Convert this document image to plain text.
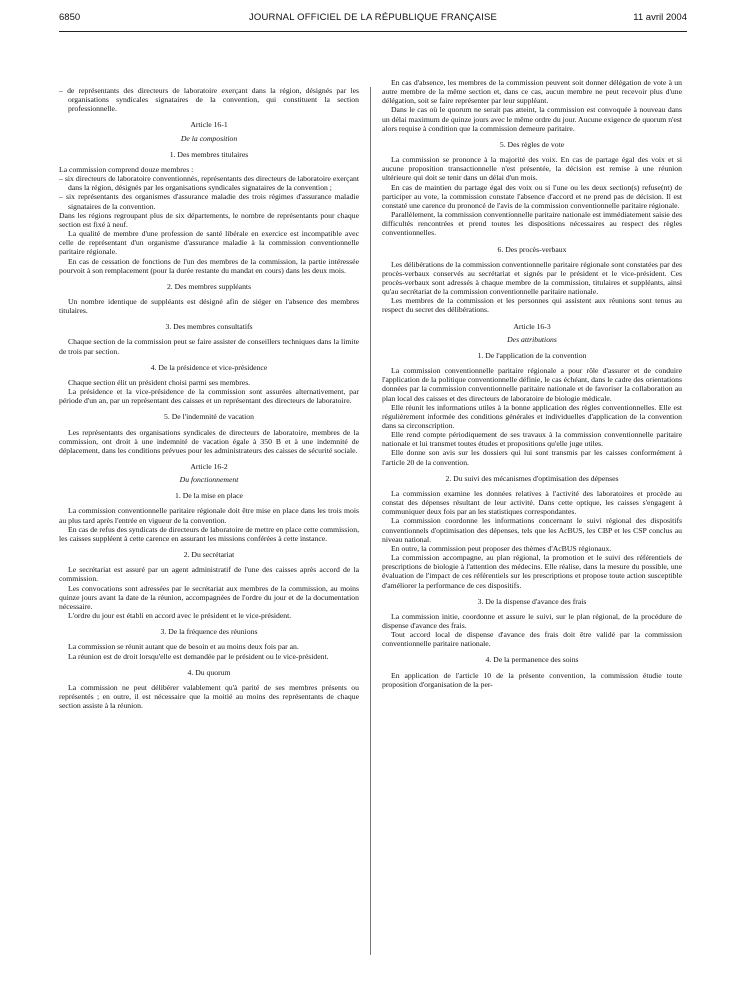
6850	JOURNAL OFFICIEL DE LA RÉPUBLIQUE FRANÇAISE	11 avril 2004

– de représentants des directeurs de laboratoire exerçant dans la région, désignés par les organisations syndicales signataires de la convention, qui constituent la section professionnelle.

Article 16-1
De la composition
1. Des membres titulaires

La commission comprend douze membres :

– six directeurs de laboratoire conventionnés, représentants des directeurs de laboratoire exerçant dans la région, désignés par les organisations syndicales signataires de la convention ;

– six représentants des organismes d'assurance maladie des trois régimes d'assurance maladie signataires de la convention.

Dans les régions regroupant plus de six départements, le nombre de représentants pour chaque section est fixé à neuf.

La qualité de membre d'une profession de santé libérale en exercice est incompatible avec celle de représentant d'un organisme d'assurance maladie à la commission conventionnelle paritaire régionale.

En cas de cessation de fonctions de l'un des membres de la commission, la partie intéressée pourvoit à son remplacement (pour la durée restante du mandat en cours) dans les deux mois.

2. Des membres suppléants

Un nombre identique de suppléants est désigné afin de siéger en l'absence des membres titulaires.

3. Des membres consultatifs

Chaque section de la commission peut se faire assister de conseillers techniques dans la limite de trois par section.

4. De la présidence et vice-présidence

Chaque section élit un président choisi parmi ses membres.

La présidence et la vice-présidence de la commission sont assurées alternativement, par période d'un an, par un représentant des caisses et un représentant des directeurs de laboratoire.

5. De l'indemnité de vacation

Les représentants des organisations syndicales de directeurs de laboratoire, membres de la commission, ont droit à une indemnité de vacation égale à 350 B et à une indemnité de déplacement, dans les conditions prévues pour les administrateurs des caisses de sécurité sociale.

Article 16-2
Du fonctionnement
1. De la mise en place

La commission conventionnelle paritaire régionale doit être mise en place dans les trois mois au plus tard après l'entrée en vigueur de la convention.

En cas de refus des syndicats de directeurs de laboratoire de mettre en place cette commission, les caisses suppléent à cette carence en assurant les missions conférées à cette instance.

2. Du secrétariat

Le secrétariat est assuré par un agent administratif de l'une des caisses après accord de la commission.

Les convocations sont adressées par le secrétariat aux membres de la commission, au moins quinze jours avant la date de la réunion, accompagnées de l'ordre du jour et de la documentation nécessaire.

L'ordre du jour est établi en accord avec le président et le vice-président.

3. De la fréquence des réunions

La commission se réunit autant que de besoin et au moins deux fois par an.

La réunion est de droit lorsqu'elle est demandée par le président ou le vice-président.

4. Du quorum

La commission ne peut délibérer valablement qu'à parité de ses membres présents ou représentés ; en outre, il est nécessaire que la moitié au moins des représentants de chaque section assiste à la réunion.

En cas d'absence, les membres de la commission peuvent soit donner délégation de vote à un autre membre de la même section et, dans ce cas, aucun membre ne peut recevoir plus d'une délégation, soit se faire représenter par leur suppléant.

Dans le cas où le quorum ne serait pas atteint, la commission est convoquée à nouveau dans un délai maximum de quinze jours avec le même ordre du jour. Aucune exigence de quorum n'est alors requise à condition que la commission demeure paritaire.

5. Des règles de vote

La commission se prononce à la majorité des voix. En cas de partage égal des voix et si aucune proposition transactionnelle n'est présentée, la décision est remise à une réunion ultérieure qui doit se tenir dans un délai d'un mois.

En cas de maintien du partage égal des voix ou si l'une ou les deux section(s) refuse(nt) de participer au vote, la commission constate l'absence d'accord et ne prend pas de décision. Il est constaté une carence du prononcé de l'avis de la commission conventionnelle paritaire régionale.

Parallèlement, la commission conventionnelle paritaire nationale est immédiatement saisie des difficultés rencontrées et prend toutes les dispositions nécessaires au respect des règles conventionnelles.

6. Des procès-verbaux

Les délibérations de la commission conventionnelle paritaire régionale sont constatées par des procès-verbaux conservés au secrétariat et signés par le président et le vice-président. Ces procès-verbaux sont adressés à chaque membre de la commission, titulaires et suppléants, ainsi qu'au secrétariat de la commission conventionnelle paritaire nationale.

Les membres de la commission et les personnes qui assistent aux réunions sont tenus au respect du secret des délibérations.

Article 16-3
Des attributions
1. De l'application de la convention

La commission conventionnelle paritaire régionale a pour rôle d'assurer et de conduire l'application de la politique conventionnelle définie, le cas échéant, dans le cadre des orientations données par la commission conventionnelle paritaire nationale et de favoriser la collaboration au plan local des caisses et des directeurs de laboratoire de biologie médicale.

Elle réunit les informations utiles à la bonne application des règles conventionnelles. Elle est régulièrement informée des conditions générales et individuelles d'application de la convention dans sa circonscription.

Elle rend compte périodiquement de ses travaux à la commission conventionnelle paritaire nationale et lui transmet toutes études et propositions qu'elle juge utiles.

Elle donne son avis sur les dossiers qui lui sont transmis par les caisses conformément à l'article 20 de la convention.

2. Du suivi des mécanismes d'optimisation des dépenses

La commission examine les données relatives à l'activité des laboratoires et procède au constat des dépenses résultant de leur activité. Dans cette optique, les caisses s'engagent à communiquer deux fois par an les statistiques correspondantes.

La commission coordonne les informations concernant le suivi régional des dispositifs conventionnels d'optimisation des dépenses, tels que les AcBUS, les CBP et les CSP conclus au niveau national.

En outre, la commission peut proposer des thèmes d'AcBUS régionaux.

La commission accompagne, au plan régional, la promotion et le suivi des référentiels de prescriptions de biologie à l'attention des médecins. Elle réalise, dans la mesure du possible, une évaluation de l'impact de ces référentiels sur les prescriptions et propose toute action susceptible d'améliorer la performance de ces dispositifs.

3. De la dispense d'avance des frais

La commission initie, coordonne et assure le suivi, sur le plan régional, de la procédure de dispense d'avance des frais.

Tout accord local de dispense d'avance des frais doit être validé par la commission conventionnelle paritaire nationale.

4. De la permanence des soins

En application de l'article 10 de la présente convention, la commission étudie toute proposition d'organisation de la per-
